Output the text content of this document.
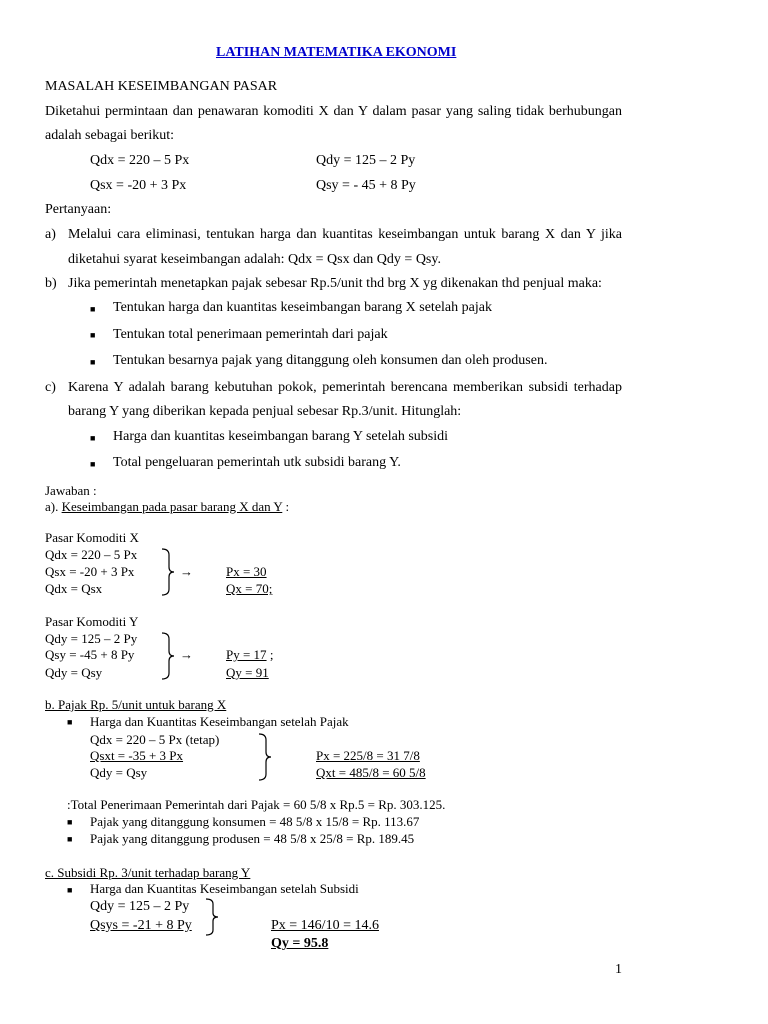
LATIHAN MATEMATIKA EKONOMI
MASALAH KESEIMBANGAN PASAR
Diketahui permintaan dan penawaran komoditi X dan Y dalam pasar yang saling tidak berhubungan
adalah sebagai berikut:
Qdx = 220 – 5 Px	Qdy = 125 – 2 Py
Qsx = -20 + 3 Px	Qsy = - 45 + 8 Py
Pertanyaan:
a) Melalui cara eliminasi, tentukan harga dan kuantitas keseimbangan untuk barang X dan Y jika
diketahui syarat keseimbangan adalah: Qdx = Qsx dan Qdy = Qsy.
b) Jika pemerintah menetapkan pajak sebesar Rp.5/unit thd brg X yg dikenakan thd penjual maka:
■ Tentukan harga dan kuantitas keseimbangan barang X setelah pajak
■ Tentukan total penerimaan pemerintah dari pajak
■ Tentukan besarnya pajak yang ditanggung oleh konsumen dan oleh produsen.
c) Karena Y adalah barang kebutuhan pokok, pemerintah berencana memberikan subsidi terhadap
barang Y yang diberikan kepada penjual sebesar Rp.3/unit. Hitunglah:
■ Harga dan kuantitas keseimbangan barang Y setelah subsidi
■ Total pengeluaran pemerintah utk subsidi barang Y.
Jawaban :
a). Keseimbangan pada pasar barang X dan Y :
Pasar Komoditi X
Qdx = 220 – 5 Px
Qsx = -20 + 3 Px
Qdx = Qsx
→	Px = 30
Qx = 70;
Pasar Komoditi Y
Qdy = 125 – 2 Py
Qsy = -45 + 8 Py
Qdy = Qsy
→	Py = 17 ;
Qy = 91
b. Pajak Rp. 5/unit untuk barang X
■ Harga dan Kuantitas Keseimbangan setelah Pajak
Qdx = 220 – 5 Px (tetap)
Qsxt = -35 + 3 Px
Qdy = Qsy
Px = 225/8 = 31 7/8
Qxt = 485/8 = 60 5/8
:Total Penerimaan Pemerintah dari Pajak = 60 5/8 x Rp.5 = Rp. 303.125.
■ Pajak yang ditanggung konsumen = 48 5/8 x 15/8 = Rp. 113.67
■ Pajak yang ditanggung produsen = 48 5/8 x 25/8 = Rp. 189.45
c. Subsidi Rp. 3/unit terhadap barang Y
■ Harga dan Kuantitas Keseimbangan setelah Subsidi
Qdy = 125 – 2 Py
Qsys = -21 + 8 Py	Px = 146/10 = 14.6
Qy = 95.8
1
